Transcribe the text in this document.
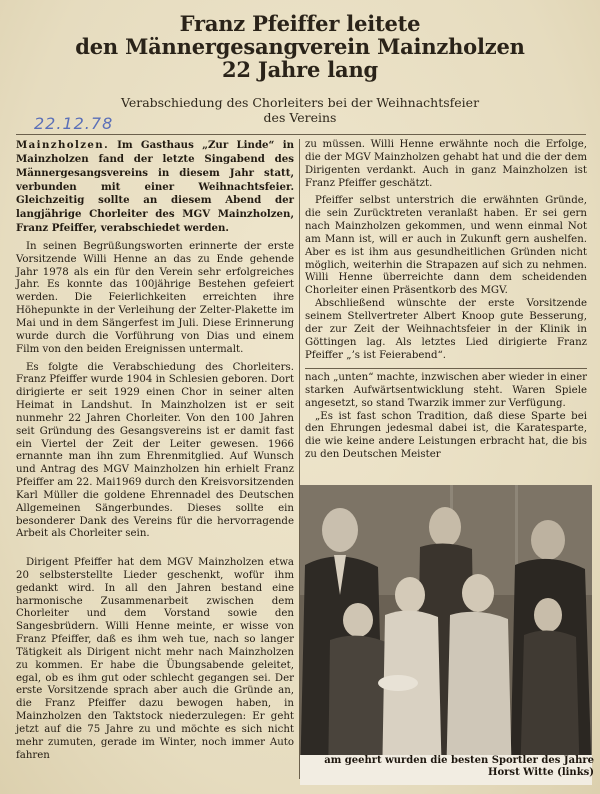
Franz Pfeiffer leitete
den Männergesangverein Mainzholzen
22 Jahre lang
Verabschiedung des Chorleiters bei der Weihnachtsfeier
des Vereins
22.12.78

Mainzholzen. Im Gasthaus „Zur Linde“ in Mainzholzen fand der letzte Singabend des Männergesangsvereins in diesem Jahr statt, verbunden mit einer Weihnachtsfeier. Gleichzeitig sollte an diesem Abend der langjährige Chorleiter des MGV Mainzholzen, Franz Pfeiffer, verabschiedet werden.

In seinen Begrüßungsworten erinnerte der erste Vorsitzende Willi Henne an das zu Ende gehende Jahr 1978 als ein für den Verein sehr erfolgreiches Jahr. Es konnte das 100jährige Bestehen gefeiert werden. Die Feierlichkeiten erreichten ihre Höhepunkte in der Verleihung der Zelter-Plakette im Mai und in dem Sängerfest im Juli. Diese Erinnerung wurde durch die Vorführung von Dias und einem Film von den beiden Ereignissen untermalt.

Es folgte die Verabschiedung des Chorleiters. Franz Pfeiffer wurde 1904 in Schlesien geboren. Dort dirigierte er seit 1929 einen Chor in seiner alten Heimat in Landshut. In Mainzholzen ist er seit nunmehr 22 Jahren Chorleiter. Von den 100 Jahren seit Gründung des Gesangsvereins ist er damit fast ein Viertel der Zeit der Leiter gewesen. 1966 ernannte man ihn zum Ehrenmitglied. Auf Wunsch und Antrag des MGV Mainzholzen hin erhielt Franz Pfeiffer am 22. Mai1969 durch den Kreisvorsitzenden Karl Müller die goldene Ehrennadel des Deutschen Allgemeinen Sängerbundes. Dieses sollte ein besonderer Dank des Vereins für die hervorragende Arbeit als Chorleiter sein.

Dirigent Pfeiffer hat dem MGV Mainzholzen etwa 20 selbsterstellte Lieder geschenkt, wofür ihm gedankt wird. In all den Jahren bestand eine harmonische Zusammenarbeit zwischen dem Chorleiter und dem Vorstand sowie den Sangesbrüdern. Willi Henne meinte, er wisse von Franz Pfeiffer, daß es ihm weh tue, nach so langer Tätigkeit als Dirigent nicht mehr nach Mainzholzen zu kommen. Er habe die Übungsabende geleitet, egal, ob es ihm gut oder schlecht gegangen sei. Der erste Vorsitzende sprach aber auch die Gründe an, die Franz Pfeiffer dazu bewogen haben, in Mainzholzen den Taktstock niederzulegen: Er geht jetzt auf die 75 Jahre zu und möchte es sich nicht mehr zumuten, gerade im Winter, noch immer Auto fahren

zu müssen. Willi Henne erwähnte noch die Erfolge, die der MGV Mainzholzen gehabt hat und die der dem Dirigenten verdankt. Auch in ganz Mainzholzen ist Franz Pfeiffer geschätzt.

Pfeiffer selbst unterstrich die erwähnten Gründe, die sein Zurücktreten veranlaßt haben. Er sei gern nach Mainzholzen gekommen, und wenn einmal Not am Mann ist, will er auch in Zukunft gern aushelfen. Aber es ist ihm aus gesundheitlichen Gründen nicht möglich, weiterhin die Strapazen auf sich zu nehmen. Willi Henne überreichte dann dem scheidenden Chorleiter einen Präsentkorb des MGV.

Abschließend wünschte der erste Vorsitzende seinem Stellvertreter Albert Knoop gute Besserung, der zur Zeit der Weihnachtsfeier in der Klinik in Göttingen lag. Als letztes Lied dirigierte Franz Pfeiffer „’s ist Feierabend“.

nach „unten“ machte, inzwischen aber wieder in einer starken Aufwärtsentwicklung steht. Waren Spiele angesetzt, so stand Twarzik immer zur Verfügung.

„Es ist fast schon Tradition, daß diese Sparte bei den Ehrungen jedesmal dabei ist, die Karatesparte, die wie keine andere Leistungen erbracht hat, die bis zu den Deutschen Meister

am geehrt wurden die besten Sportler des Jahre
Horst Witte (links)
